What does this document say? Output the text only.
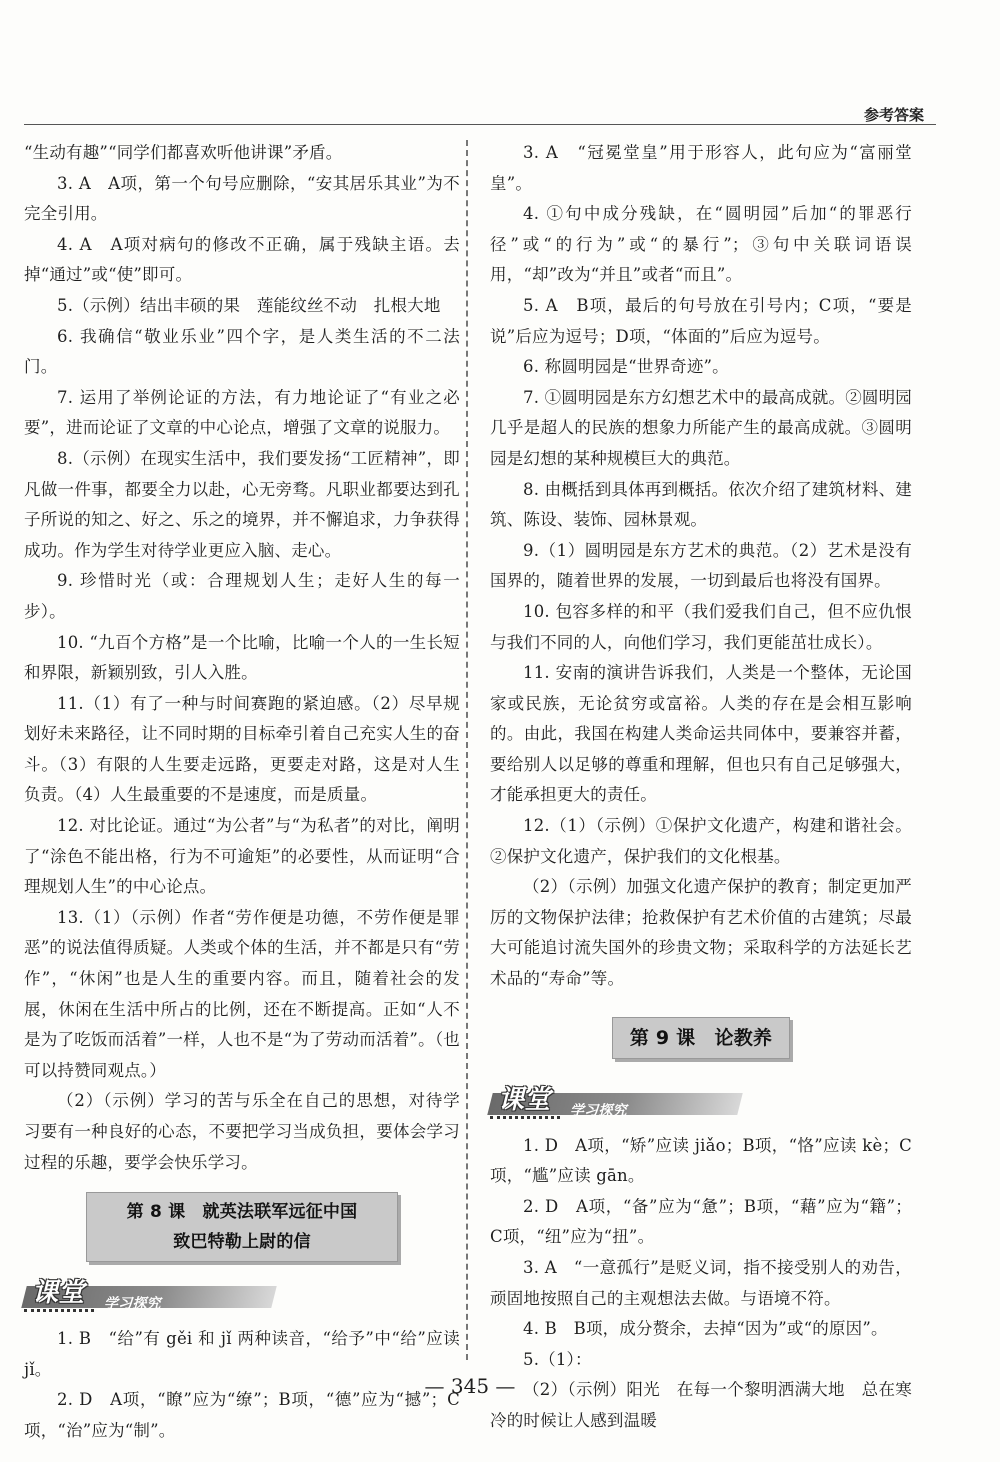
参考答案

“生动有趣”“同学们都喜欢听他讲课”矛盾。

3. A　A项，第一个句号应删除，“安其居乐其业”为不完全引用。

4. A　A项对病句的修改不正确，属于残缺主语。去掉“通过”或“使”即可。

5.（示例）结出丰硕的果　莲能纹丝不动　扎根大地

6. 我确信“敬业乐业”四个字，是人类生活的不二法门。

7. 运用了举例论证的方法，有力地论证了“有业之必要”，进而论证了文章的中心论点，增强了文章的说服力。

8.（示例）在现实生活中，我们要发扬“工匠精神”，即凡做一件事，都要全力以赴，心无旁骛。凡职业都要达到孔子所说的知之、好之、乐之的境界，并不懈追求，力争获得成功。作为学生对待学业更应入脑、走心。

9. 珍惜时光（或：合理规划人生；走好人生的每一步）。

10. “九百个方格”是一个比喻，比喻一个人的一生长短和界限，新颖别致，引人入胜。

11.（1）有了一种与时间赛跑的紧迫感。（2）尽早规划好未来路径，让不同时期的目标牵引着自己充实人生的奋斗。（3）有限的人生要走远路，更要走对路，这是对人生负责。（4）人生最重要的不是速度，而是质量。

12. 对比论证。通过“为公者”与“为私者”的对比，阐明了“涂色不能出格，行为不可逾矩”的必要性，从而证明“合理规划人生”的中心论点。

13.（1）（示例）作者“劳作便是功德，不劳作便是罪恶”的说法值得质疑。人类或个体的生活，并不都是只有“劳作”，“休闲”也是人生的重要内容。而且，随着社会的发展，休闲在生活中所占的比例，还在不断提高。正如“人不是为了吃饭而活着”一样，人也不是“为了劳动而活着”。（也可以持赞同观点。）

（2）（示例）学习的苦与乐全在自己的思想，对待学习要有一种良好的心态，不要把学习当成负担，要体会学习过程的乐趣，要学会快乐学习。

第 8 课　就英法联军远征中国
致巴特勒上尉的信
课堂 学习探究

1. B　“给”有 gěi 和 jǐ 两种读音，“给予”中“给”应读 jǐ。

2. D　A项，“瞭”应为“缭”；B项，“德”应为“撼”；C项，“治”应为“制”。

3. A　“冠冕堂皇”用于形容人，此句应为“富丽堂皇”。

4. ①句中成分残缺，在“圆明园”后加“的罪恶行径”或“的行为”或“的暴行”；③句中关联词语误用，“却”改为“并且”或者“而且”。

5. A　B项，最后的句号放在引号内；C项，“要是说”后应为逗号；D项，“体面的”后应为逗号。

6. 称圆明园是“世界奇迹”。

7. ①圆明园是东方幻想艺术中的最高成就。②圆明园几乎是超人的民族的想象力所能产生的最高成就。③圆明园是幻想的某种规模巨大的典范。

8. 由概括到具体再到概括。依次介绍了建筑材料、建筑、陈设、装饰、园林景观。

9.（1）圆明园是东方艺术的典范。（2）艺术是没有国界的，随着世界的发展，一切到最后也将没有国界。

10. 包容多样的和平（我们爱我们自己，但不应仇恨与我们不同的人，向他们学习，我们更能茁壮成长）。

11. 安南的演讲告诉我们，人类是一个整体，无论国家或民族，无论贫穷或富裕。人类的存在是会相互影响的。由此，我国在构建人类命运共同体中，要兼容并蓄，要给别人以足够的尊重和理解，但也只有自己足够强大，才能承担更大的责任。

12.（1）（示例）①保护文化遗产，构建和谐社会。②保护文化遗产，保护我们的文化根基。

（2）（示例）加强文化遗产保护的教育；制定更加严厉的文物保护法律；抢救保护有艺术价值的古建筑；尽最大可能追讨流失国外的珍贵文物；采取科学的方法延长艺术品的“寿命”等。

第 9 课　论教养
课堂 学习探究

1. D　A项，“矫”应读 jiǎo；B项，“恪”应读 kè；C项，“尴”应读 gān。

2. D　A项，“备”应为“惫”；B项，“藉”应为“籍”；C项，“纽”应为“扭”。

3. A　“一意孤行”是贬义词，指不接受别人的劝告，顽固地按照自己的主观想法去做。与语境不符。

4. B　B项，成分赘余，去掉“因为”或“的原因”。

5.（1）：

（2）（示例）阳光　在每一个黎明洒满大地　总在寒冷的时候让人感到温暖

— 345 —
